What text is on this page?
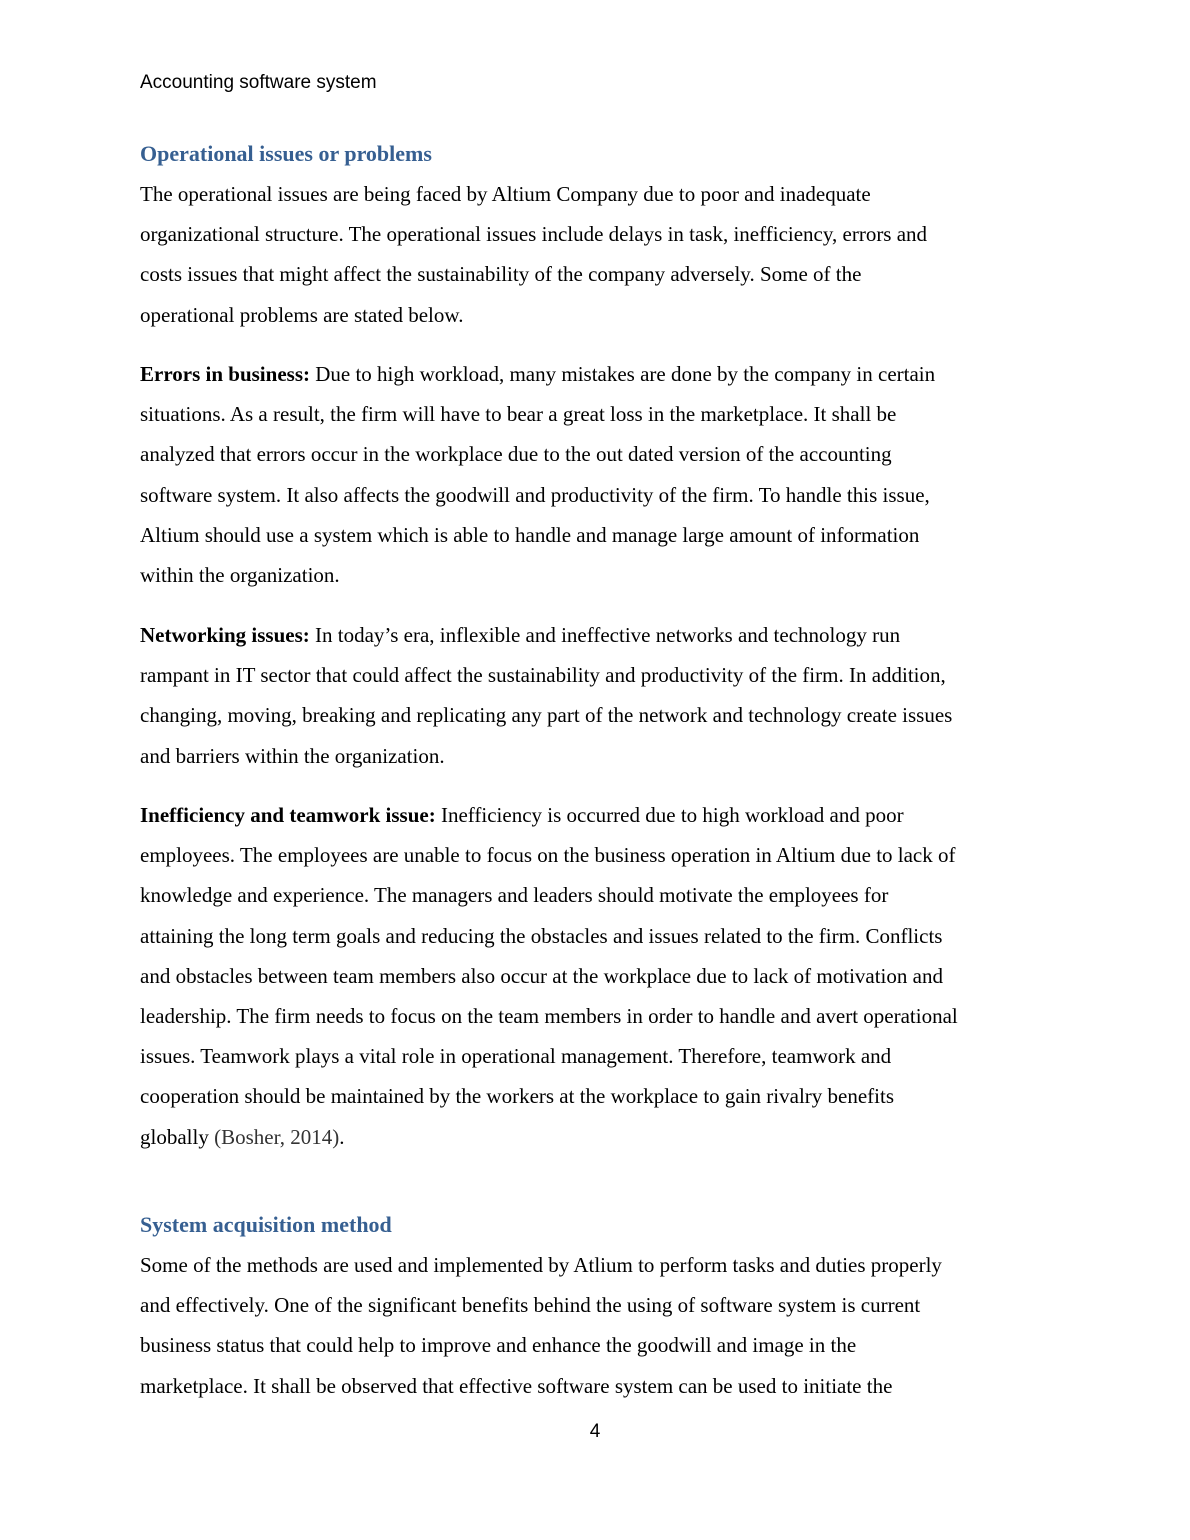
Accounting software system
Operational issues or problems

The operational issues are being faced by Altium Company due to poor and inadequate
organizational structure. The operational issues include delays in task, inefficiency, errors and
costs issues that might affect the sustainability of the company adversely. Some of the
operational problems are stated below.

Errors in business: Due to high workload, many mistakes are done by the company in certain
situations. As a result, the firm will have to bear a great loss in the marketplace. It shall be
analyzed that errors occur in the workplace due to the out dated version of the accounting
software system. It also affects the goodwill and productivity of the firm. To handle this issue,
Altium should use a system which is able to handle and manage large amount of information
within the organization.

Networking issues: In today’s era, inflexible and ineffective networks and technology run
rampant in IT sector that could affect the sustainability and productivity of the firm. In addition,
changing, moving, breaking and replicating any part of the network and technology create issues
and barriers within the organization.

Inefficiency and teamwork issue: Inefficiency is occurred due to high workload and poor
employees. The employees are unable to focus on the business operation in Altium due to lack of
knowledge and experience. The managers and leaders should motivate the employees for
attaining the long term goals and reducing the obstacles and issues related to the firm. Conflicts
and obstacles between team members also occur at the workplace due to lack of motivation and
leadership. The firm needs to focus on the team members in order to handle and avert operational
issues. Teamwork plays a vital role in operational management. Therefore, teamwork and
cooperation should be maintained by the workers at the workplace to gain rivalry benefits
globally (Bosher, 2014).

System acquisition method

Some of the methods are used and implemented by Atlium to perform tasks and duties properly
and effectively. One of the significant benefits behind the using of software system is current
business status that could help to improve and enhance the goodwill and image in the
marketplace. It shall be observed that effective software system can be used to initiate the

4
